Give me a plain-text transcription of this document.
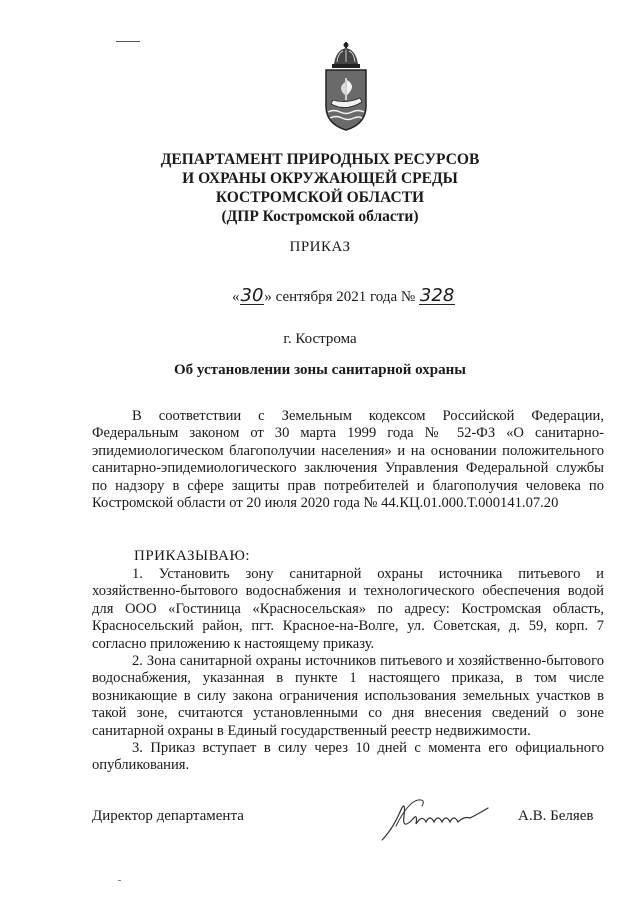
ДЕПАРТАМЕНТ ПРИРОДНЫХ РЕСУРСОВ
И ОХРАНЫ ОКРУЖАЮЩЕЙ СРЕДЫ
КОСТРОМСКОЙ ОБЛАСТИ
(ДПР Костромской области)
ПРИКАЗ
«30» сентября 2021 года № 328
г. Кострома
Об установлении зоны санитарной охраны

В соответствии с Земельным кодексом Российской Федерации, Федеральным законом от 30 марта 1999 года № 52-ФЗ «О санитарно-эпидемиологическом благополучии населения» и на основании положительного санитарно-эпидемиологического заключения Управления Федеральной службы по надзору в сфере защиты прав потребителей и благополучия человека по Костромской области от 20 июля 2020 года № 44.КЦ.01.000.Т.000141.07.20

ПРИКАЗЫВАЮ:

1. Установить зону санитарной охраны источника питьевого и хозяйственно-бытового водоснабжения и технологического обеспечения водой для ООО «Гостиница «Красносельская» по адресу: Костромская область, Красносельский район, пгт. Красное-на-Волге, ул. Советская, д. 59, корп. 7 согласно приложению к настоящему приказу.

2. Зона санитарной охраны источников питьевого и хозяйственно-бытового водоснабжения, указанная в пункте 1 настоящего приказа, в том числе возникающие в силу закона ограничения использования земельных участков в такой зоне, считаются установленными со дня внесения сведений о зоне санитарной охраны в Единый государственный реестр недвижимости.

3. Приказ вступает в силу через 10 дней с момента его официального опубликования.

Директор департамента	А.В. Беляев
